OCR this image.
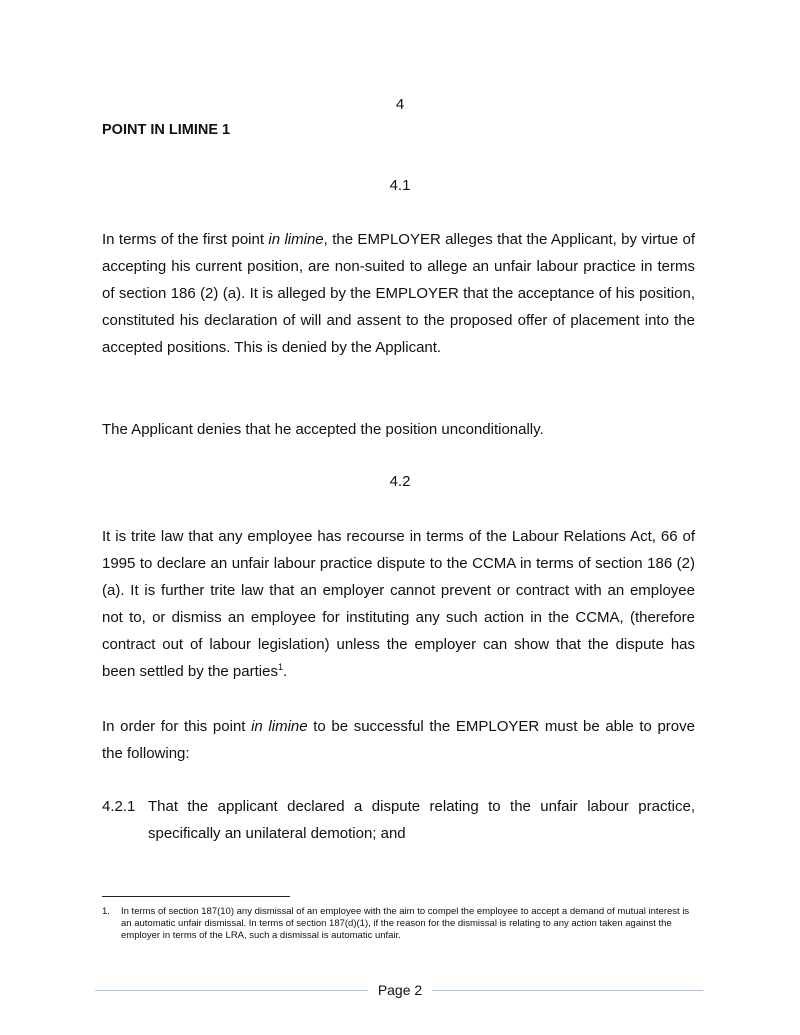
4
POINT IN LIMINE 1
4.1
In terms of the first point in limine, the EMPLOYER alleges that the Applicant, by virtue of accepting his current position, are non-suited to allege an unfair labour practice in terms of section 186 (2) (a). It is alleged by the EMPLOYER that the acceptance of his position, constituted his declaration of will and assent to the proposed offer of placement into the accepted positions. This is denied by the Applicant.
The Applicant denies that he accepted the position unconditionally.
4.2
It is trite law that any employee has recourse in terms of the Labour Relations Act, 66 of 1995 to declare an unfair labour practice dispute to the CCMA in terms of section 186 (2) (a). It is further trite law that an employer cannot prevent or contract with an employee not to, or dismiss an employee for instituting any such action in the CCMA, (therefore contract out of labour legislation) unless the employer can show that the dispute has been settled by the parties$^1$.
In order for this point in limine to be successful the EMPLOYER must be able to prove the following:
4.2.1 That the applicant declared a dispute relating to the unfair labour practice, specifically an unilateral demotion; and
1.	In terms of section 187(10) any dismissal of an employee with the aim to compel the employee to accept a demand of mutual interest is an automatic unfair dismissal. In terms of section 187(d)(1), if the reason for the dismissal is relating to any action taken against the employer in terms of the LRA, such a dismissal is automatic unfair.
Page 2
